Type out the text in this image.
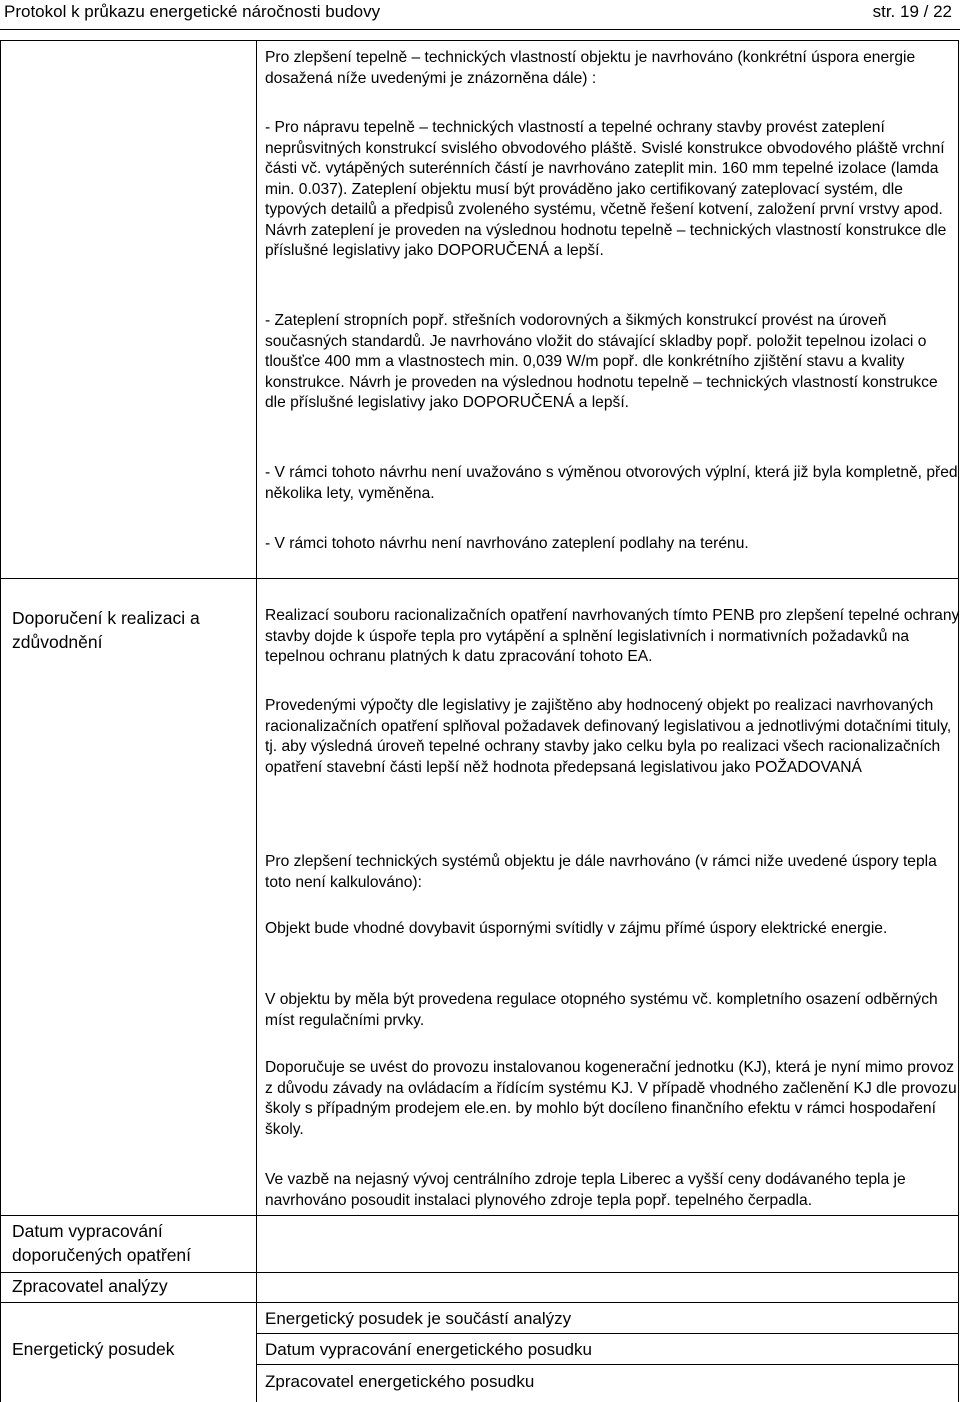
Protokol k průkazu energetické náročnosti budovy	str. 19 / 22

Pro zlepšení tepelně – technických vlastností objektu je navrhováno (konkrétní úspora energie dosažená níže uvedenými je znázorněna dále) :

- Pro nápravu tepelně – technických vlastností a tepelné ochrany stavby provést zateplení neprůsvitných konstrukcí svislého obvodového pláště. Svislé konstrukce obvodového pláště vrchní části vč. vytápěných suterénních částí je navrhováno zateplit min. 160 mm tepelné izolace (lamda min. 0.037). Zateplení objektu musí být prováděno jako certifikovaný zateplovací systém, dle typových detailů a předpisů zvoleného systému, včetně řešení kotvení, založení první vrstvy apod. Návrh zateplení je proveden na výslednou hodnotu tepelně – technických vlastností konstrukce dle příslušné legislativy jako DOPORUČENÁ a lepší.

- Zateplení stropních popř. střešních vodorovných a šikmých konstrukcí provést na úroveň současných standardů. Je navrhováno vložit do stávající skladby popř. položit tepelnou izolaci o tloušťce 400 mm a vlastnostech min. 0,039 W/m popř. dle konkrétního zjištění stavu a kvality konstrukce. Návrh je proveden na výslednou hodnotu tepelně – technických vlastností konstrukce dle příslušné legislativy jako DOPORUČENÁ a lepší.

- V rámci tohoto návrhu není uvažováno s výměnou otvorových výplní, která již byla kompletně, před několika lety, vyměněna.

- V rámci tohoto návrhu není navrhováno zateplení podlahy na terénu.

Doporučení k realizaci a zdůvodnění

Realizací souboru racionalizačních opatření navrhovaných tímto PENB pro zlepšení tepelné ochrany stavby dojde k úspoře tepla pro vytápění a splnění legislativních i normativních požadavků na tepelnou ochranu platných k datu zpracování tohoto EA.

Provedenými výpočty dle legislativy je zajištěno aby hodnocený objekt po realizaci navrhovaných racionalizačních opatření splňoval požadavek definovaný legislativou a jednotlivými dotačními tituly, tj. aby výsledná úroveň tepelné ochrany stavby jako celku byla po realizaci všech racionalizačních opatření stavební části lepší něž hodnota předepsaná legislativou jako POŽADOVANÁ

Pro zlepšení technických systémů objektu je dále navrhováno (v rámci niže uvedené úspory tepla toto není kalkulováno):

Objekt bude vhodné dovybavit úspornými svítidly v zájmu přímé úspory elektrické energie.

V objektu by měla být provedena regulace otopného systému vč. kompletního osazení odběrných míst regulačními prvky.

Doporučuje se uvést do provozu instalovanou kogenerační jednotku (KJ), která je nyní mimo provoz z důvodu závady na ovládacím a řídícím systému KJ. V případě vhodného začlenění KJ dle provozu školy s případným prodejem ele.en. by mohlo být docíleno finančního efektu v rámci hospodaření školy.

Ve vazbě na nejasný vývoj centrálního zdroje tepla Liberec a vyšší ceny dodávaného tepla je navrhováno posoudit instalaci plynového zdroje tepla popř. tepelného čerpadla.

Datum vypracování doporučených opatření
Zpracovatel analýzy
Energetický posudek
Energetický posudek je součástí analýzy
Datum vypracování energetického posudku
Zpracovatel energetického posudku
